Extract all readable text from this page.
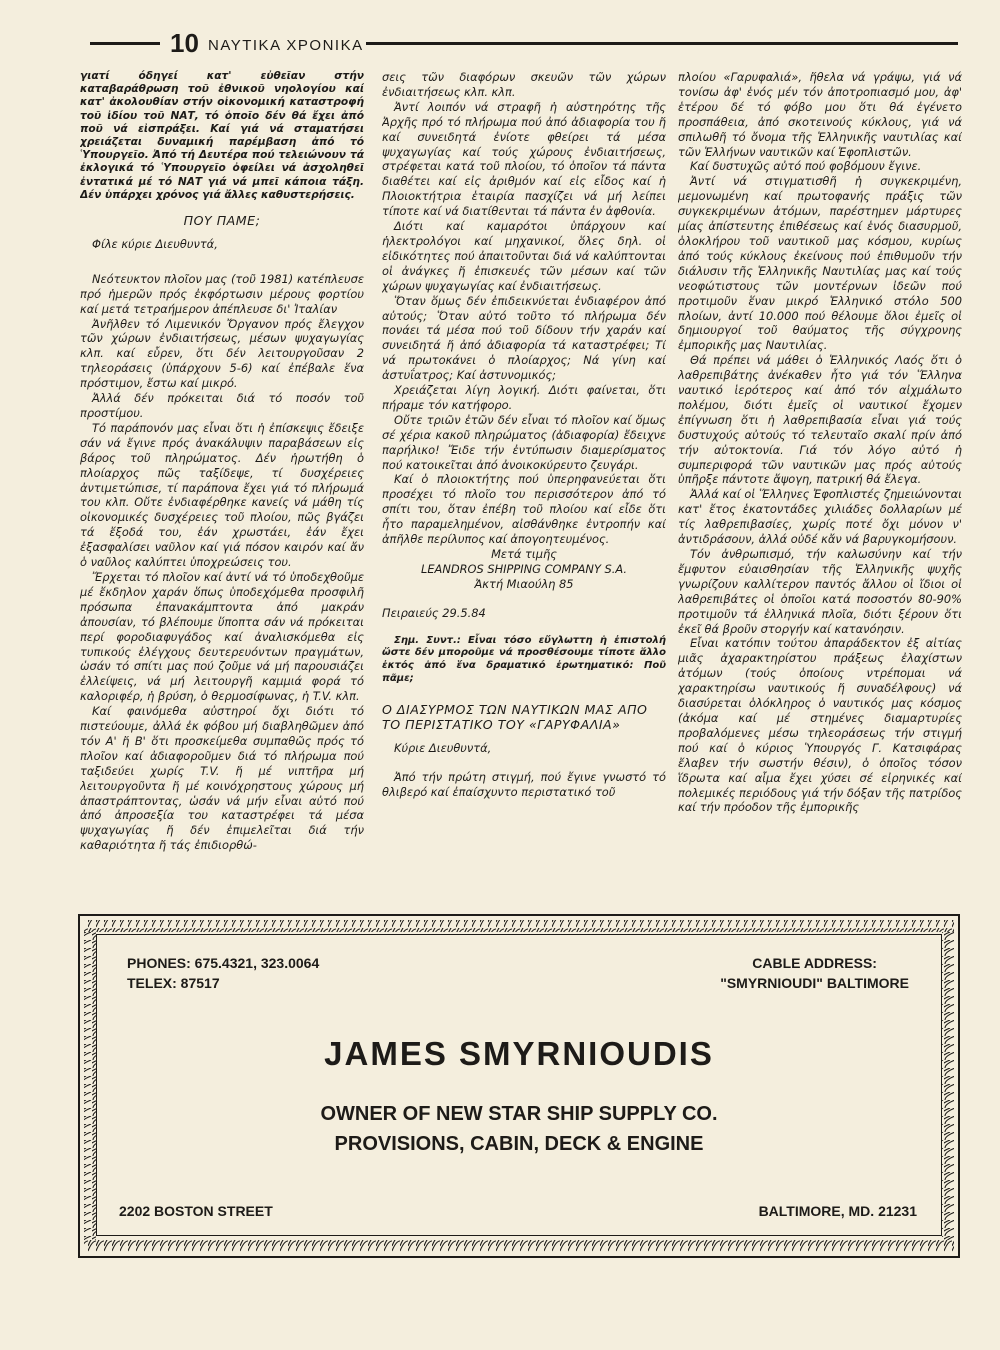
10 ΝΑΥΤΙΚΑ ΧΡΟΝΙΚΑ

γιατί όδηγεί κατ' εὐθεῖαν στήν καταβαράθρωση τοῦ ἐθνικοῦ νηολογίου καί κατ' ἀκολουθίαν στήν οἰκονομική καταστροφή τοῦ ἰδίου τοῦ ΝΑΤ, τό ὁποῖο δέν θά ἔχει ἀπό ποῦ νά εἰσπράξει. Καί γιά νά σταματήσει χρειάζεται δυναμική παρέμβαση ἀπό τό Ὑπουργεῖο. Ἀπό τή Δευτέρα πού τελειώνουν τά ἐκλογικά τό Ὑπουργεῖο ὀφείλει νά ἀσχοληθεῖ ἐντατικά μέ τό ΝΑΤ γιά νά μπεῖ κάποια τάξη. Δέν ὑπάρχει χρόνος γιά ἄλλες καθυστερήσεις.

ΠΟΥ ΠΑΜΕ;

Φίλε κύριε Διευθυντά,

Νεότευκτον πλοῖον μας (τοῦ 1981) κατέπλευσε πρό ἡμερῶν πρός ἐκφόρτωσιν μέρους φορτίου καί μετά τετραήμερον ἀπέπλευσε δι' Ἰταλίαν

Ἀνῆλθεν τό Λιμενικόν Ὄργανον πρός ἔλεγχον τῶν χώρων ἐνδιαιτήσεως, μέσων ψυχαγωγίας κλπ. καί εὗρεν, ὅτι δέν λειτουργοῦσαν 2 τηλεοράσεις (ὑπάρχουν 5-6) καί ἐπέβαλε ἕνα πρόστιμον, ἔστω καί μικρό.

Ἀλλά δέν πρόκειται διά τό ποσόν τοῦ προστίμου.

Τό παράπονόν μας εἶναι ὅτι ἡ ἐπίσκεψις ἔδειξε σάν νά ἔγινε πρός ἀνακάλυψιν παραβάσεων εἰς βάρος τοῦ πληρώματος. Δέν ἠρωτήθη ὁ πλοίαρχος πῶς ταξίδεψε, τί δυσχέρειες ἀντιμετώπισε, τί παράπονα ἔχει γιά τό πλήρωμά του κλπ. Οὔτε ἐνδιαφέρθηκε κανείς νά μάθη τίς οἰκονομικές δυσχέρειες τοῦ πλοίου, πῶς βγάζει τά ἔξοδά του, ἐάν χρωστάει, ἐάν ἔχει ἐξασφαλίσει ναῦλον καί γιά πόσον καιρόν καί ἄν ὁ ναῦλος καλύπτει ὑποχρεώσεις του.

Ἔρχεται τό πλοῖον καί ἀντί νά τό ὑποδεχθοῦμε μέ ἔκδηλον χαράν ὅπως ὑποδεχόμεθα προσφιλῆ πρόσωπα ἐπανακάμπτοντα ἀπό μακράν ἀπουσίαν, τό βλέπουμε ὕποπτα σάν νά πρόκειται περί φοροδιαφυγάδος καί ἀναλισκόμεθα εἰς τυπικούς ἐλέγχους δευτερευόντων πραγμάτων, ὡσάν τό σπίτι μας πού ζοῦμε νά μή παρουσιάζει ἐλλείψεις, νά μή λειτουργῆ καμμιά φορά τό καλοριφέρ, ἡ βρύση, ὁ θερμοσίφωνας, ἡ T.V. κλπ.

Καί φαινόμεθα αὐστηροί ὄχι διότι τό πιστεύουμε, ἀλλά ἐκ φόβου μή διαβληθῶμεν ἀπό τόν Α' ἤ Β' ὅτι προσκείμεθα συμπαθῶς πρός τό πλοῖον καί ἀδιαφοροῦμεν διά τό πλήρωμα πού ταξιδεύει χωρίς T.V. ἤ μέ νιπτῆρα μή λειτουργοῦντα ἤ μέ κοινόχρηστους χώρους μή ἀπαστράπτοντας, ὡσάν νά μήν εἶναι αὐτό πού ἀπό ἀπροσεξία του καταστρέφει τά μέσα ψυχαγωγίας ἤ δέν ἐπιμελεῖται διά τήν καθαριότητα ἤ τάς ἐπιδιορθώ-

σεις τῶν διαφόρων σκευῶν τῶν χώρων ἐνδιαιτήσεως κλπ. κλπ.

Ἀντί λοιπόν νά στραφῆ ἡ αὐστηρότης τῆς Ἀρχῆς πρό τό πλήρωμα πού ἀπό ἀδιαφορία του ἤ καί συνειδητά ἐνίοτε φθείρει τά μέσα ψυχαγωγίας καί τούς χώρους ἐνδιαιτήσεως, στρέφεται κατά τοῦ πλοίου, τό ὁποῖον τά πάντα διαθέτει καί εἰς ἀριθμόν καί εἰς εἶδος καί ἡ Πλοιοκτήτρια ἑταιρία πασχίζει νά μή λείπει τίποτε καί νά διατίθενται τά πάντα ἐν ἀφθονία.

Διότι καί καμαρότοι ὑπάρχουν καί ἠλεκτρολόγοι καί μηχανικοί, ὅλες δηλ. οἱ εἰδικότητες πού ἀπαιτοῦνται διά νά καλύπτονται οἱ ἀνάγκες ἤ ἐπισκευές τῶν μέσων καί τῶν χώρων ψυχαγωγίας καί ἐνδιαιτήσεως.

Ὅταν ὅμως δέν ἐπιδεικνύεται ἐνδιαφέρον ἀπό αὐτούς; Ὅταν αὐτό τοῦτο τό πλήρωμα δέν πονάει τά μέσα πού τοῦ δίδουν τήν χαράν καί συνειδητά ἤ ἀπό ἀδιαφορία τά καταστρέφει; Τί νά πρωτοκάνει ὁ πλοίαρχος; Νά γίνη καί ἀστυΐατρος; Καί ἀστυνομικός;

Χρειάζεται λίγη λογική. Διότι φαίνεται, ὅτι πήραμε τόν κατήφορο.

Οὔτε τριῶν ἐτῶν δέν εἶναι τό πλοῖον καί ὅμως σέ χέρια κακοῦ πληρώματος (ἀδιαφορία) ἔδειχνε παρήλικο! Ἔιδε τήν ἐντύπωσιν διαμερίσματος πού κατοικεῖται ἀπό ἀνοικοκύρευτο ζευγάρι.

Καί ὁ πλοιοκτήτης πού ὑπερηφανεύεται ὅτι προσέχει τό πλοῖο του περισσότερον ἀπό τό σπίτι του, ὅταν ἐπέβη τοῦ πλοίου καί εἶδε ὅτι ἦτο παραμελημένον, αἰσθάνθηκε ἐντροπήν καί ἀπῆλθε περίλυπος καί ἀπογοητευμένος.

Μετά τιμῆς

LEANDROS SHIPPING COMPANY S.A.

Ἀκτή Μιαούλη 85

Πειραιεύς 29.5.84

Σημ. Συντ.: Εἶναι τόσο εὔγλωττη ἡ ἐπιστολή ὥστε δέν μποροῦμε νά προσθέσουμε τίποτε ἄλλο ἐκτός ἀπό ἕνα δραματικό ἐρωτηματικό: Ποῦ πᾶμε;

Ο ΔΙΑΣΥΡΜΟΣ ΤΩΝ ΝΑΥΤΙΚΩΝ ΜΑΣ ΑΠΟ ΤΟ ΠΕΡΙΣΤΑΤΙΚΟ ΤΟΥ «ΓΑΡΥΦΑΛΙΑ»

Κύριε Διευθυντά,

Ἀπό τήν πρώτη στιγμή, πού ἔγινε γνωστό τό θλιβερό καί ἐπαίσχυντο περιστατικό τοῦ

πλοίου «Γαρυφαλιά», ἤθελα νά γράψω, γιά νά τονίσω ἀφ' ἑνός μέν τόν ἀποτροπιασμό μου, ἀφ' ἑτέρου δέ τό φόβο μου ὅτι θά ἐγένετο προσπάθεια, ἀπό σκοτεινούς κύκλους, γιά νά σπιλωθῆ τό ὄνομα τῆς Ἑλληνικῆς ναυτιλίας καί τῶν Ἑλλήνων ναυτικῶν καί Ἐφοπλιστῶν.

Καί δυστυχῶς αὐτό πού φοβόμουν ἔγινε.

Ἀντί νά στιγματισθῆ ἡ συγκεκριμένη, μεμονωμένη καί πρωτοφανής πράξις τῶν συγκεκριμένων ἀτόμων, παρέστημεν μάρτυρες μίας ἀπίστευτης ἐπιθέσεως καί ἑνός διασυρμοῦ, ὁλοκλήρου τοῦ ναυτικοῦ μας κόσμου, κυρίως ἀπό τούς κύκλους ἐκείνους πού ἐπιθυμοῦν τήν διάλυσιν τῆς Ἑλληνικῆς Ναυτιλίας μας καί τούς νεοφώτιστους τῶν μοντέρνων ἰδεῶν πού προτιμοῦν ἕναν μικρό Ἑλληνικό στόλο 500 πλοίων, ἀντί 10.000 πού θέλουμε ὅλοι ἐμεῖς οἱ δημιουργοί τοῦ θαύματος τῆς σύγχρονης ἐμπορικῆς μας Ναυτιλίας.

Θά πρέπει νά μάθει ὁ Ἑλληνικός Λαός ὅτι ὁ λαθρεπιβάτης ἀνέκαθεν ἦτο γιά τόν Ἕλληνα ναυτικό ἱερότερος καί ἀπό τόν αἰχμάλωτο πολέμου, διότι ἐμεῖς οἱ ναυτικοί ἔχομεν ἐπίγνωση ὅτι ἡ λαθρεπιβασία εἶναι γιά τούς δυστυχούς αὐτούς τό τελευταῖο σκαλί πρίν ἀπό τήν αὐτοκτονία. Γιά τόν λόγο αὐτό ἡ συμπεριφορά τῶν ναυτικῶν μας πρός αὐτούς ὑπῆρξε πάντοτε ἄψογη, πατρική θά ἔλεγα.

Ἀλλά καί οἱ Ἕλληνες Ἐφοπλιστές ζημειώνονται κατ' ἔτος ἑκατοντάδες χιλιάδες δολλαρίων μέ τίς λαθρεπιβασίες, χωρίς ποτέ ὄχι μόνον ν' ἀντιδράσουν, ἀλλά οὐδέ κἄν νά βαρυγκομήσουν.

Τόν ἀνθρωπισμό, τήν καλωσύνην καί τήν ἔμφυτον εὐαισθησίαν τῆς Ἑλληνικῆς ψυχῆς γνωρίζουν καλλίτερον παντός ἄλλου οἱ ἴδιοι οἱ λαθρεπιβάτες οἱ ὁποῖοι κατά ποσοστόν 80-90% προτιμοῦν τά ἑλληνικά πλοῖα, διότι ξέρουν ὅτι ἐκεῖ θά βροῦν στοργήν καί κατανόησιν.

Εἶναι κατόπιν τούτου ἀπαράδεκτον ἐξ αἰτίας μιᾶς ἀχαρακτηρίστου πράξεως ἐλαχίστων ἀτόμων (τούς ὁποίους ντρέπομαι νά χαρακτηρίσω ναυτικούς ἤ συναδέλφους) νά διασύρεται ὁλόκληρος ὁ ναυτικός μας κόσμος (ἀκόμα καί μέ στημένες διαμαρτυρίες προβαλόμενες μέσω τηλεοράσεως τήν στιγμή πού καί ὁ κύριος Ὑπουργός Γ. Κατσιφάρας ἔλαβεν τήν σωστήν θέσιν), ὁ ὁποῖος τόσον ἵδρωτα καί αἷμα ἔχει χύσει σέ εἰρηνικές καί πολεμικές περιόδους γιά τήν δόξαν τῆς πατρίδος καί τήν πρόοδον τῆς ἐμπορικῆς

PHONES: 675.4321, 323.0064
TELEX: 87517
CABLE ADDRESS:
"SMYRNIOUDI" BALTIMORE
JAMES SMYRNIOUDIS
OWNER OF NEW STAR SHIP SUPPLY CO.
PROVISIONS, CABIN, DECK & ENGINE
2202 BOSTON STREET	BALTIMORE, MD. 21231
